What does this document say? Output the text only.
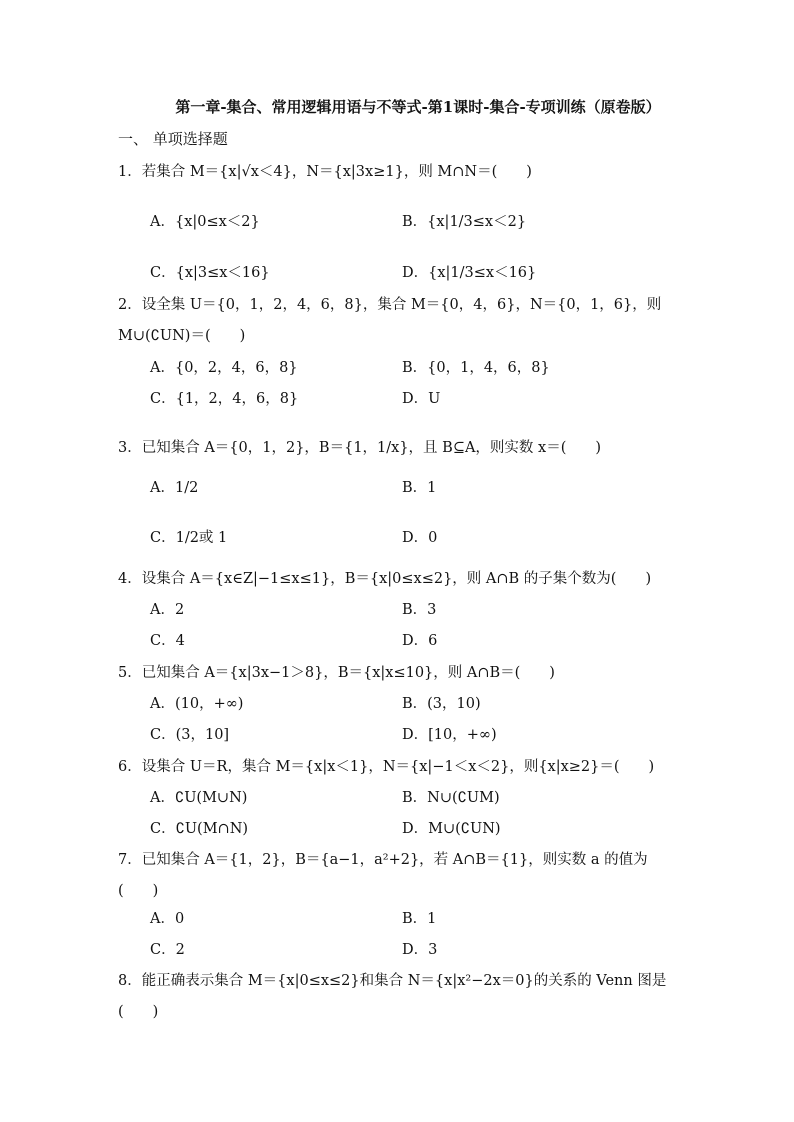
第一章-集合、常用逻辑用语与不等式-第1课时-集合-专项训练（原卷版）
一、 单项选择题
1．若集合 M＝{x|√x＜4}，N＝{x|3x≥1}，则 M∩N＝(　　)
A．{x|0≤x＜2}	B．{x|1/3≤x＜2}
C．{x|3≤x＜16}	D．{x|1/3≤x＜16}
2．设全集 U＝{0，1，2，4，6，8}，集合 M＝{0，4，6}，N＝{0，1，6}，则
M∪(∁UN)＝(　　)
A．{0，2，4，6，8}	B．{0，1，4，6，8}
C．{1，2，4，6，8}	D．U
3．已知集合 A＝{0，1，2}，B＝{1，1/x}，且 B⊆A，则实数 x＝(　　)
A．1/2	B．1
C．1/2或 1	D．0
4．设集合 A＝{x∈Z|−1≤x≤1}，B＝{x|0≤x≤2}，则 A∩B 的子集个数为(　　)
A．2	B．3
C．4	D．6
5．已知集合 A＝{x|3x−1＞8}，B＝{x|x≤10}，则 A∩B＝(　　)
A．(10，+∞)	B．(3，10)
C．(3，10]	D．[10，+∞)
6．设集合 U＝R，集合 M＝{x|x＜1}，N＝{x|−1＜x＜2}，则{x|x≥2}＝(　　)
A．∁U(M∪N)	B．N∪(∁UM)
C．∁U(M∩N)	D．M∪(∁UN)
7．已知集合 A＝{1，2}，B＝{a−1，a²+2}，若 A∩B＝{1}，则实数 a 的值为
(　　)
A．0	B．1
C．2	D．3
8．能正确表示集合 M＝{x|0≤x≤2}和集合 N＝{x|x²−2x＝0}的关系的 Venn 图是
(　　)
